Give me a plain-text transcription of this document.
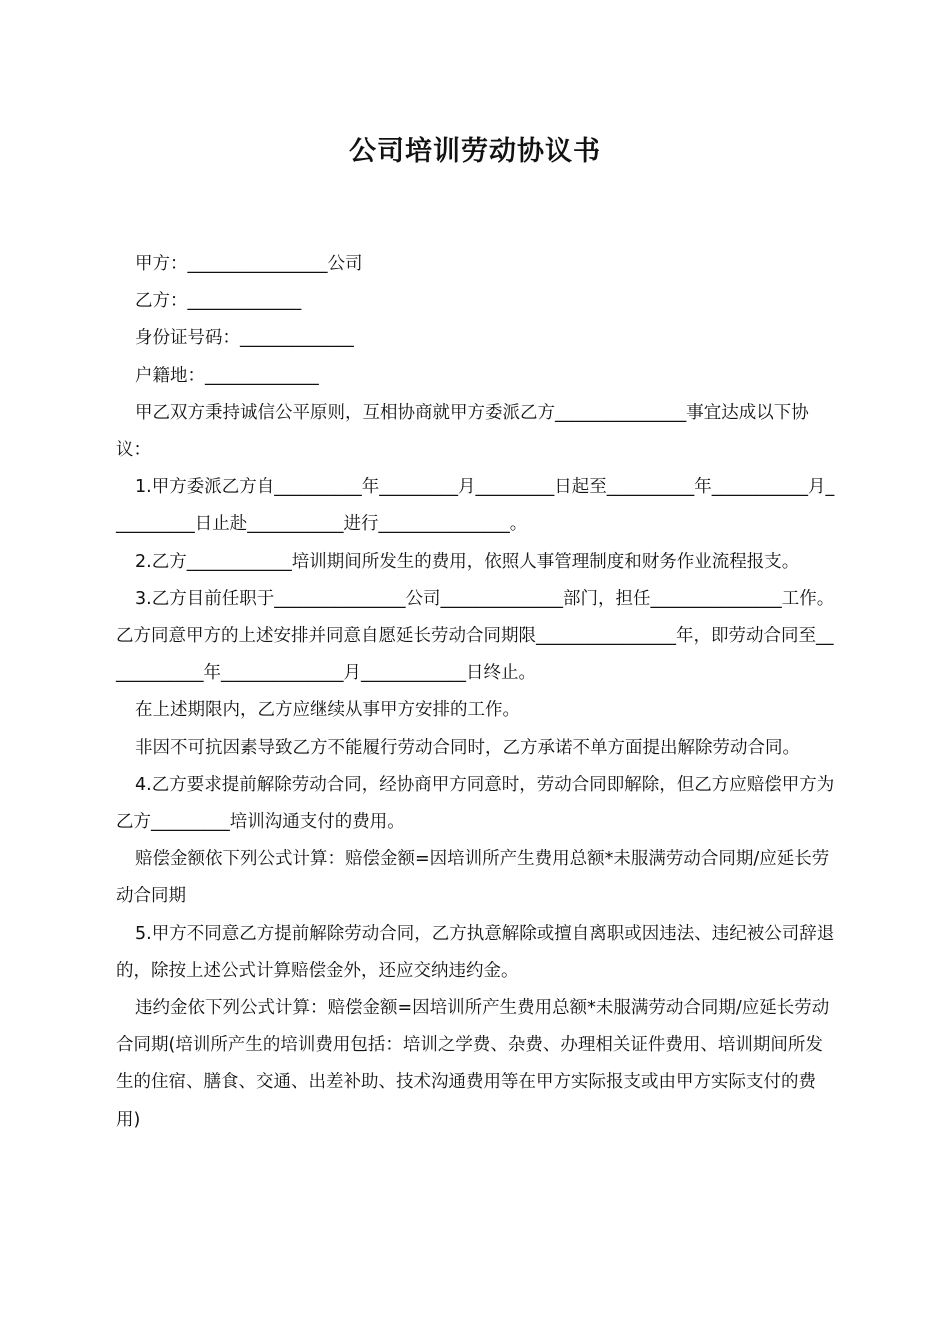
公司培训劳动协议书

甲方：________________公司

乙方：_____________

身份证号码：_____________

户籍地：_____________

甲乙双方秉持诚信公平原则，互相协商就甲方委派乙方_______________事宜达成以下协议：

1.甲方委派乙方自__________年_________月_________日起至__________年___________月__________日止赴___________进行_______________。

2.乙方____________培训期间所发生的费用，依照人事管理制度和财务作业流程报支。

3.乙方目前任职于_______________公司______________部门，担任_______________工作。乙方同意甲方的上述安排并同意自愿延长劳动合同期限________________年，即劳动合同至____________年______________月____________日终止。

在上述期限内，乙方应继续从事甲方安排的工作。

非因不可抗因素导致乙方不能履行劳动合同时，乙方承诺不单方面提出解除劳动合同。

4.乙方要求提前解除劳动合同，经协商甲方同意时，劳动合同即解除，但乙方应赔偿甲方为乙方_________培训沟通支付的费用。

赔偿金额依下列公式计算：赔偿金额=因培训所产生费用总额*未服满劳动合同期/应延长劳动合同期

5.甲方不同意乙方提前解除劳动合同，乙方执意解除或擅自离职或因违法、违纪被公司辞退的，除按上述公式计算赔偿金外，还应交纳违约金。

违约金依下列公式计算：赔偿金额=因培训所产生费用总额*未服满劳动合同期/应延长劳动合同期(培训所产生的培训费用包括：培训之学费、杂费、办理相关证件费用、培训期间所发生的住宿、膳食、交通、出差补助、技术沟通费用等在甲方实际报支或由甲方实际支付的费用)
